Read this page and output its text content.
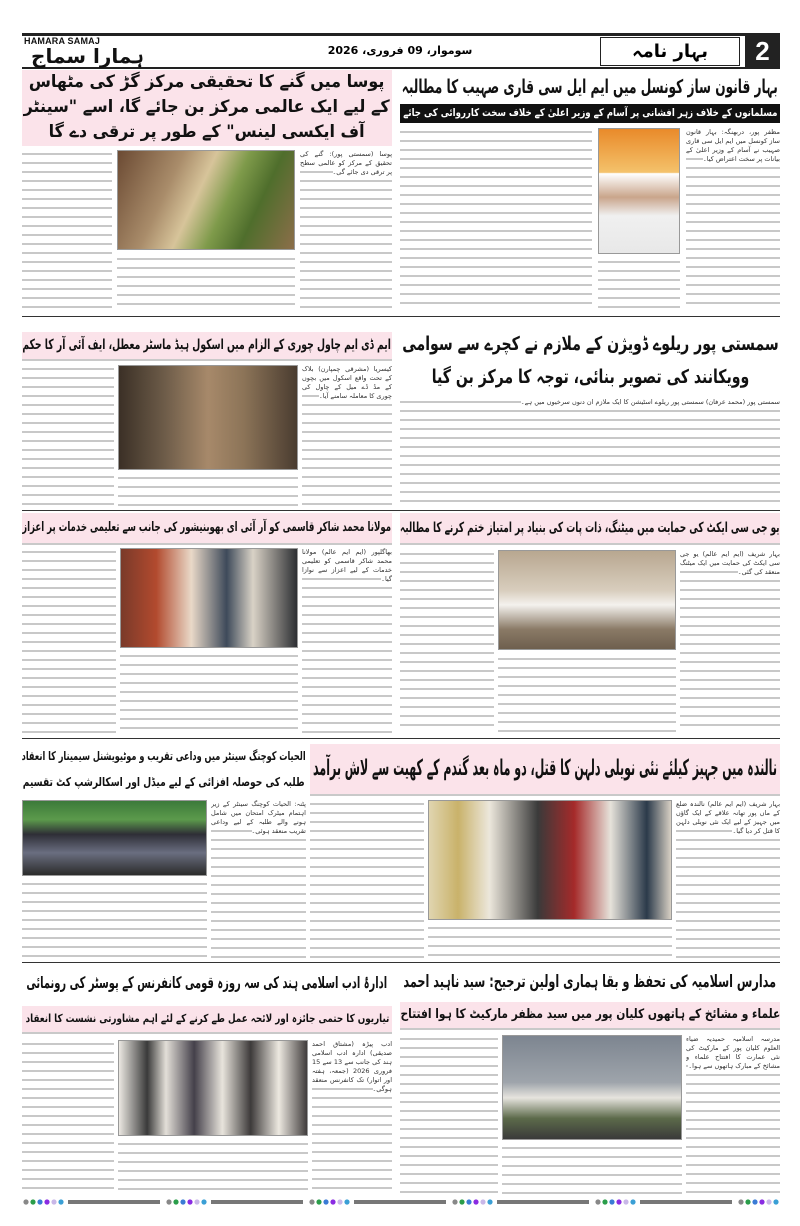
HAMARA SAMAJ
ہمارا سماج	سوموار، 09 فروری، 2026	بہار نامہ	2
بہار قانون ساز کونسل میں ایم ایل سی قاری صہیب کا مطالبہ
مسلمانوں کے خلاف زہر افشانی پر آسام کے وزیر اعلیٰ کے خلاف سخت کارروائی کی جائے
مظفر پور، دربھنگہ: بہار قانون ساز کونسل میں ایم ایل سی قاری صہیب نے آسام کے وزیر اعلیٰ کے بیانات پر سخت اعتراض کیا۔
پوسا میں گنے کا تحقیقی مرکز گڑ کی مٹھاس کے لیے ایک عالمی مرکز بن جائے گا، اسے "سینٹر آف ایکسی لینس" کے طور پر ترقی دے گا
پوسا (سمستی پور): گنے کی تحقیق کے مرکز کو عالمی سطح پر ترقی دی جائے گی۔
سمستی پور ریلوے ڈویژن کے ملازم نے کچرے سے سوامی وویکانند کی تصویر بنائی، توجہ کا مرکز بن گیا
سمستی پور (محمد عرفان) سمستی پور ریلوے اسٹیشن کا ایک ملازم ان دنوں سرخیوں میں ہے۔
ایم ڈی ایم چاول چوری کے الزام میں اسکول ہیڈ ماسٹر معطل، ایف آئی آر کا حکم
کیسریا (مشرقی چمپارن) بلاک کے تحت واقع اسکول میں بچوں کے مڈ ڈے میل کے چاول کی چوری کا معاملہ سامنے آیا۔
یو جی سی ایکٹ کی حمایت میں میٹنگ، ذات پات کی بنیاد پر امتیاز ختم کرنے کا مطالبہ
بہار شریف (ایم ایم عالم) یو جی سی ایکٹ کی حمایت میں ایک میٹنگ منعقد کی گئی۔
مولانا محمد شاکر قاسمی کو آر آئی ای بھوبنیشور کی جانب سے تعلیمی خدمات پر اعزاز
بھاگلپور (ایم ایم عالم) مولانا محمد شاکر قاسمی کو تعلیمی خدمات کے لیے اعزاز سے نوازا گیا۔
نالندہ میں جہیز کیلئے نئی نویلی دلہن کا قتل، دو ماہ بعد گندم کے کھیت سے لاش برآمد
بہار شریف (ایم ایم عالم) نالندہ ضلع کے ماں پور تھانہ علاقے کے ایک گاؤں میں جہیز کے لیے ایک نئی نویلی دلہن کا قتل کر دیا گیا۔
الحیات کوچنگ سینٹر میں وداعی تقریب و موٹیویشنل سیمینار کا انعقاد
طلبہ کی حوصلہ افزائی کے لیے میڈل اور اسکالرشپ کٹ تقسیم
پٹنہ: الحیات کوچنگ سینٹر کے زیر اہتمام میٹرک امتحان میں شامل ہونے والے طلبہ کے لیے وداعی تقریب منعقد ہوئی۔
مدارس اسلامیہ کی تحفظ و بقا ہماری اولین ترجیح: سید ناہید احمد
علماء و مشائخ کے ہاتھوں کلیان پور میں سید مظفر مارکیٹ کا ہوا افتتاح
مدرسہ اسلامیہ حمیدیہ ضیاء العلوم کلیان پور کے مارکیٹ کی نئی عمارت کا افتتاح علماء و مشائخ کے مبارک ہاتھوں سے ہوا۔
ادارۂ ادب اسلامی ہند کی سہ روزہ قومی کانفرنس کے پوسٹر کی رونمائی
تیاریوں کا حتمی جائزہ اور لائحہ عمل طے کرنے کے لئے اہم مشاورتی نشست کا انعقاد
ادب پیڑہ (مشتاق احمد صدیقی) ادارہ ادب اسلامی ہند کی جانب سے 13 سے 15 فروری 2026 (جمعہ، ہفتہ اور اتوار) تک کانفرنس منعقد ہوگی۔
